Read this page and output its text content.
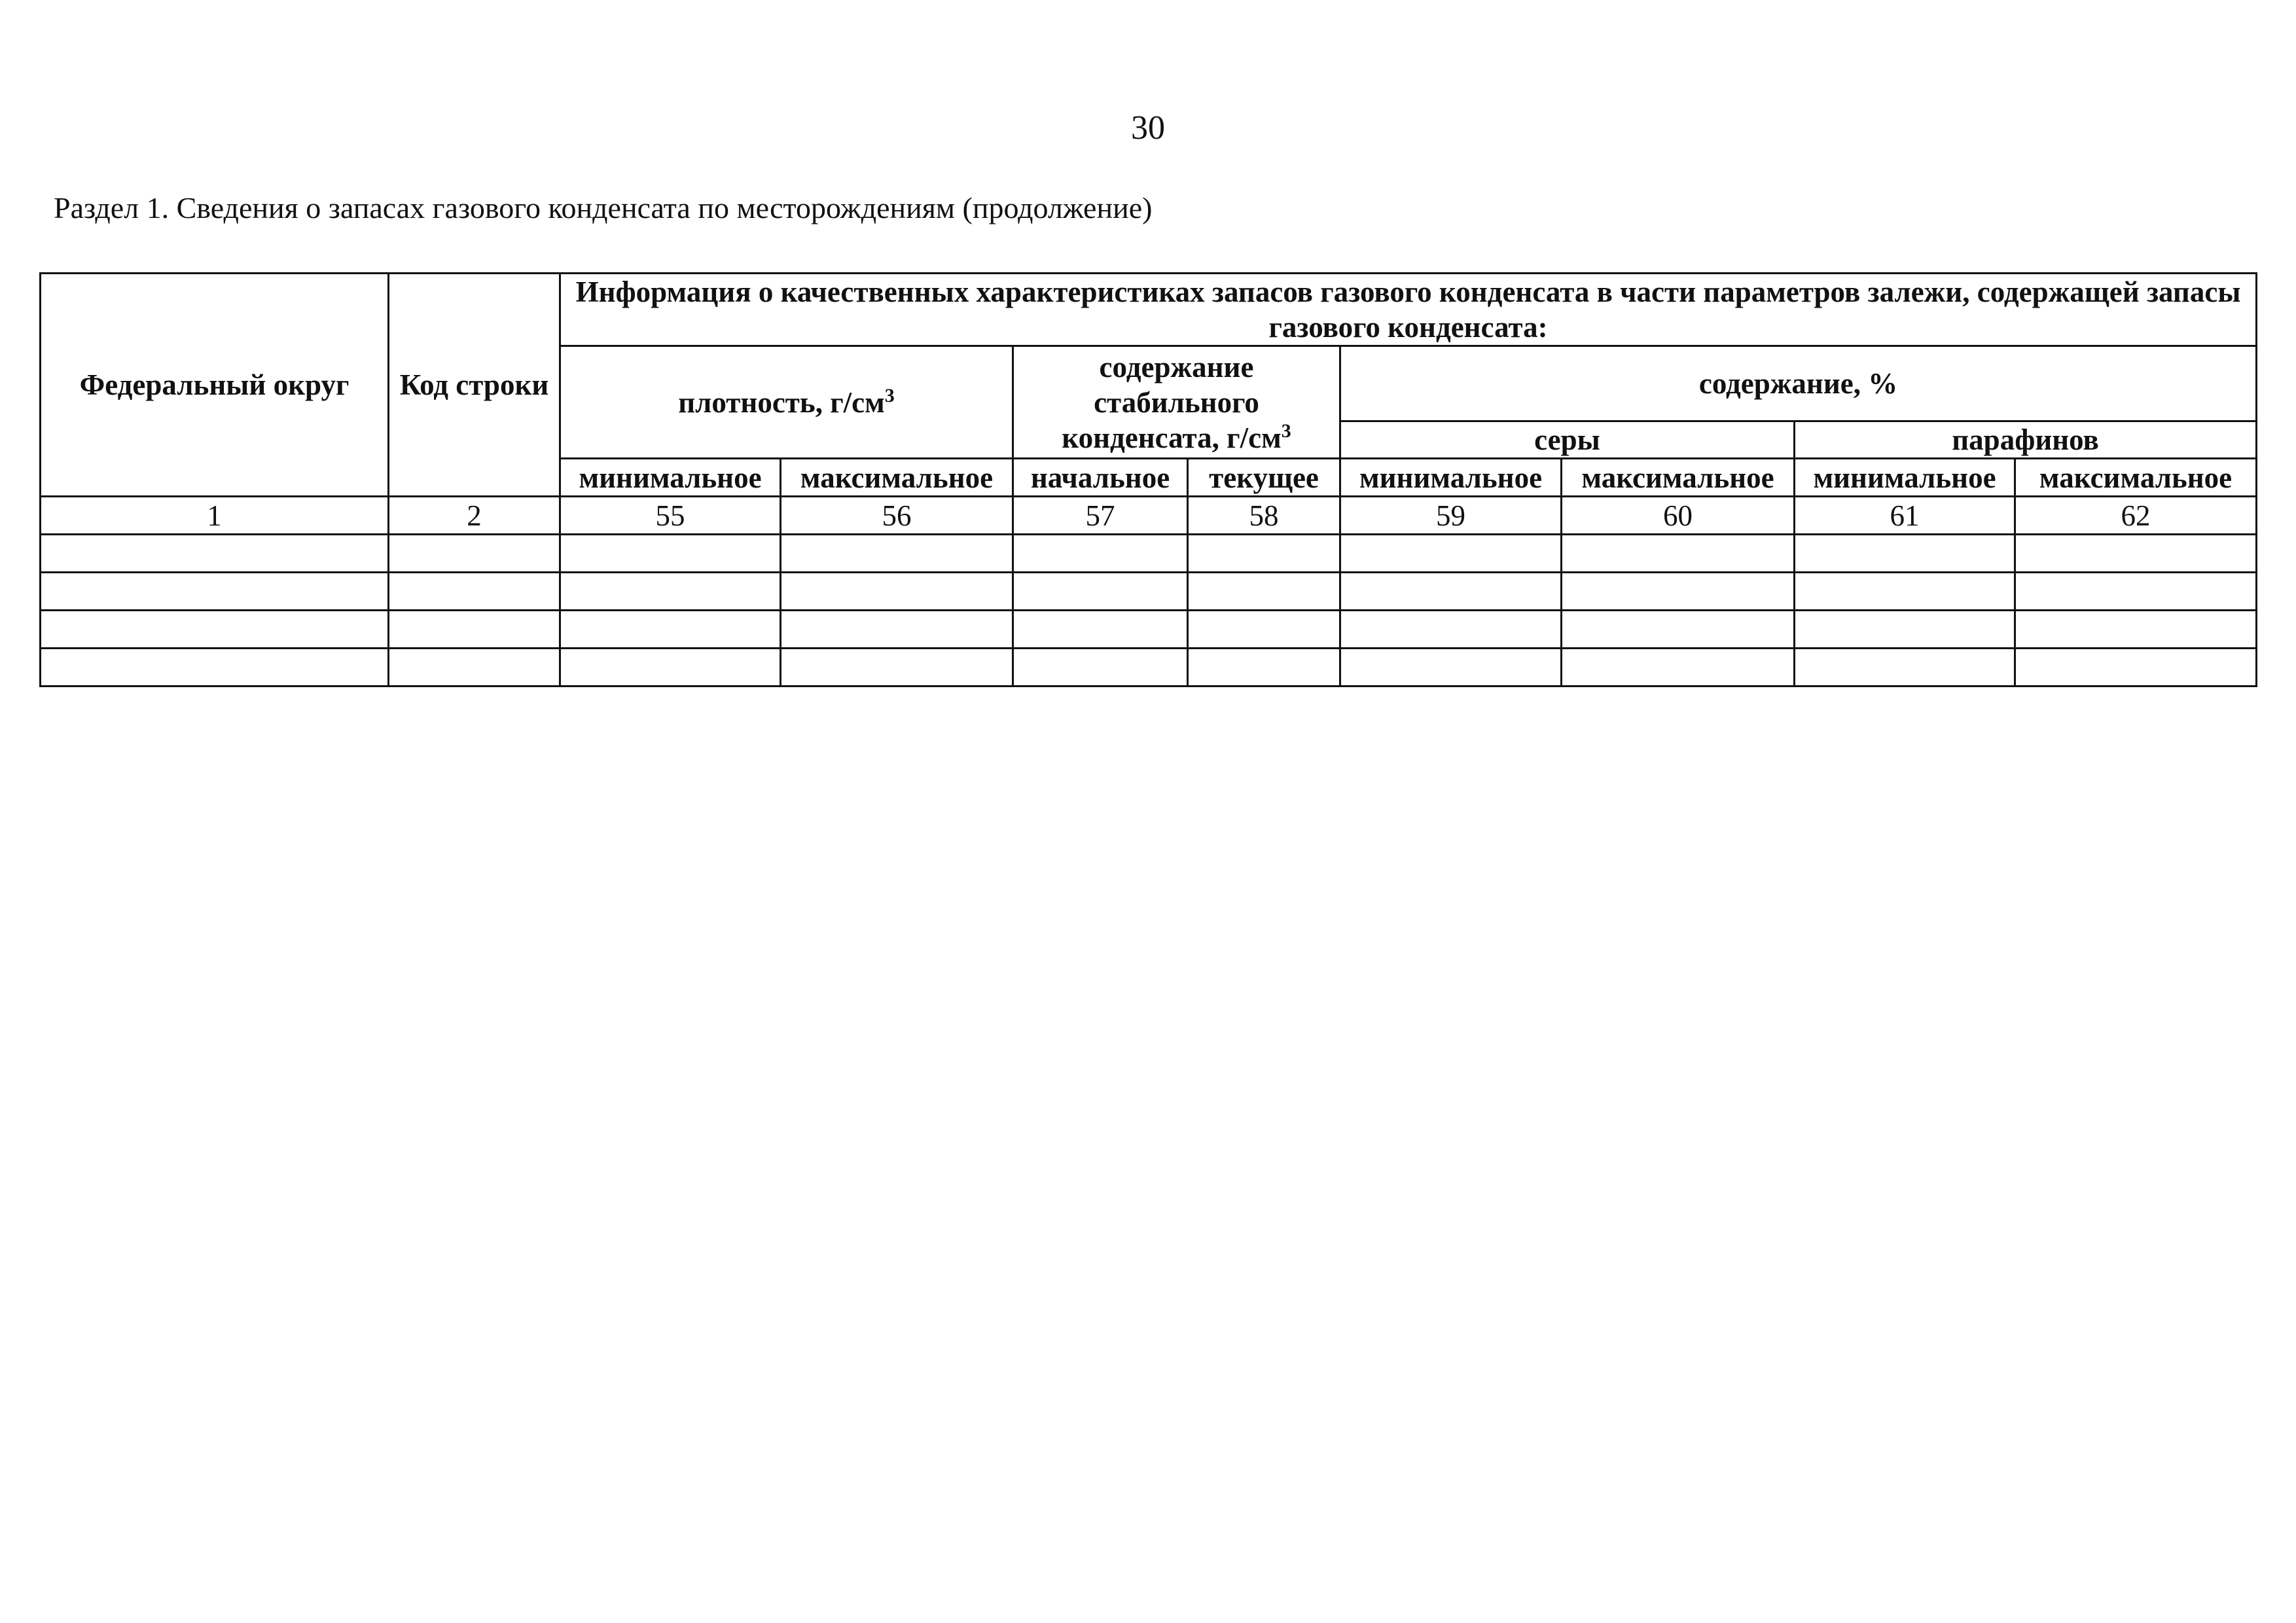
30
Раздел 1. Сведения о запасах газового конденсата по месторождениям (продолжение)
Федеральный округ	Код строки	Информация о качественных характеристиках запасов газового конденсата в части параметров залежи, содержащей запасы газового конденсата:							
		плотность, $г/см^3$		содержание стабильного конденсата, $г/см^3$		содержание, %			
						серы		парафинов	
		минимальное	максимальное	начальное	текущее	минимальное	максимальное	минимальное	максимальное
1	2	55	56	57	58	59	60	61	62
